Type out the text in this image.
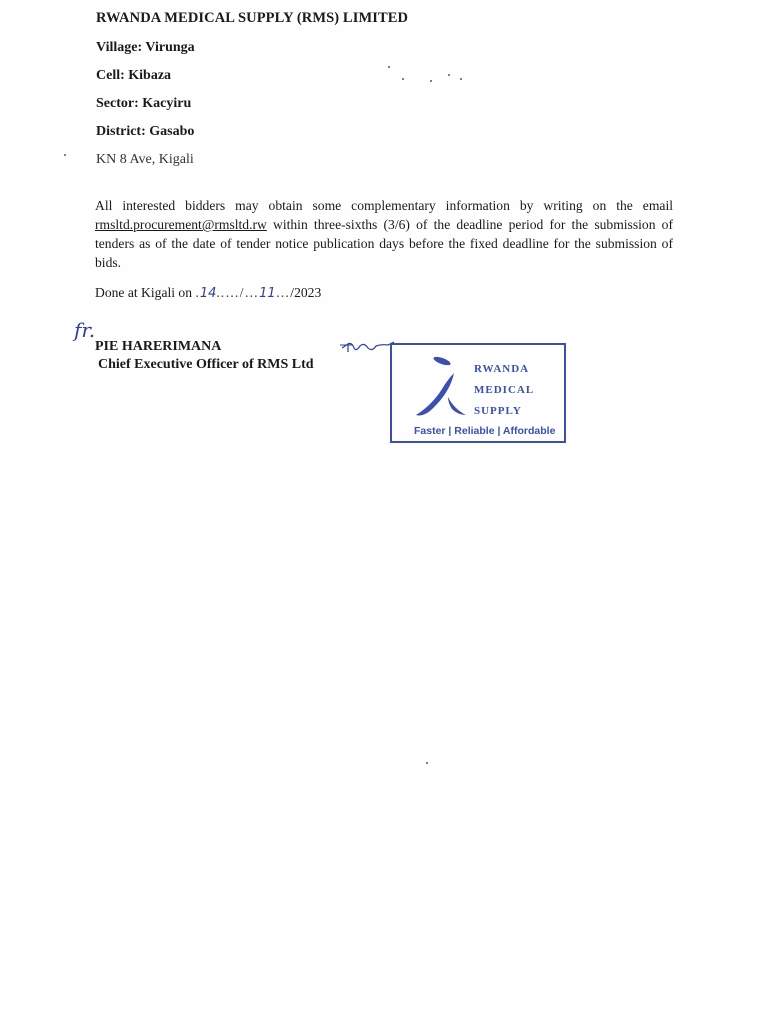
RWANDA MEDICAL SUPPLY (RMS) LIMITED
Village: Virunga
Cell: Kibaza
Sector: Kacyiru
District: Gasabo
KN 8 Ave, Kigali
All interested bidders may obtain some complementary information by writing on the email rmsltd.procurement@rmsltd.rw within three-sixths (3/6) of the deadline period for the submission of tenders as of the date of tender notice publication days before the fixed deadline for the submission of bids.
Done at Kigali on .14..…/…11…/2023
fr.
PIE HARERIMANA
Chief Executive Officer of RMS Ltd	RWANDA
MEDICAL
SUPPLY
Faster | Reliable | Affordable
